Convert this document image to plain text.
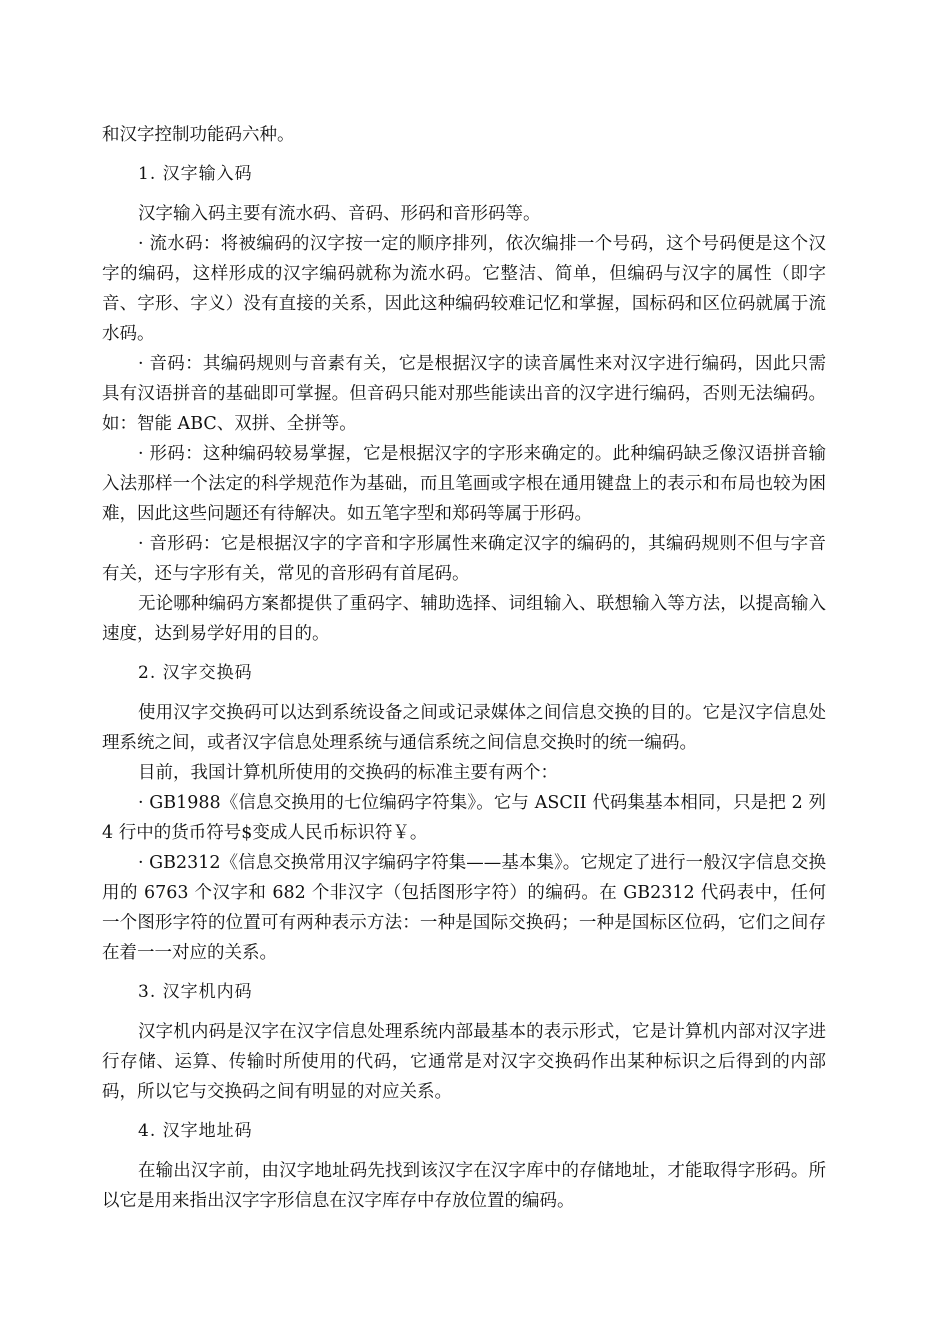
和汉字控制功能码六种。

1. 汉字输入码

汉字输入码主要有流水码、音码、形码和音形码等。

· 流水码：将被编码的汉字按一定的顺序排列，依次编排一个号码，这个号码便是这个汉字的编码，这样形成的汉字编码就称为流水码。它整洁、简单，但编码与汉字的属性（即字音、字形、字义）没有直接的关系，因此这种编码较难记忆和掌握，国标码和区位码就属于流水码。

· 音码：其编码规则与音素有关，它是根据汉字的读音属性来对汉字进行编码，因此只需具有汉语拼音的基础即可掌握。但音码只能对那些能读出音的汉字进行编码，否则无法编码。如：智能 ABC、双拼、全拼等。

· 形码：这种编码较易掌握，它是根据汉字的字形来确定的。此种编码缺乏像汉语拼音输入法那样一个法定的科学规范作为基础，而且笔画或字根在通用键盘上的表示和布局也较为困难，因此这些问题还有待解决。如五笔字型和郑码等属于形码。

· 音形码：它是根据汉字的字音和字形属性来确定汉字的编码的，其编码规则不但与字音有关，还与字形有关，常见的音形码有首尾码。

无论哪种编码方案都提供了重码字、辅助选择、词组输入、联想输入等方法，以提高输入速度，达到易学好用的目的。

2. 汉字交换码

使用汉字交换码可以达到系统设备之间或记录媒体之间信息交换的目的。它是汉字信息处理系统之间，或者汉字信息处理系统与通信系统之间信息交换时的统一编码。

目前，我国计算机所使用的交换码的标准主要有两个：

· GB1988《信息交换用的七位编码字符集》。它与 ASCII 代码集基本相同，只是把 2 列 4 行中的货币符号$变成人民币标识符￥。

· GB2312《信息交换常用汉字编码字符集——基本集》。它规定了进行一般汉字信息交换用的 6763 个汉字和 682 个非汉字（包括图形字符）的编码。在 GB2312 代码表中，任何一个图形字符的位置可有两种表示方法：一种是国际交换码；一种是国标区位码，它们之间存在着一一对应的关系。

3. 汉字机内码

汉字机内码是汉字在汉字信息处理系统内部最基本的表示形式，它是计算机内部对汉字进行存储、运算、传输时所使用的代码，它通常是对汉字交换码作出某种标识之后得到的内部码，所以它与交换码之间有明显的对应关系。

4. 汉字地址码

在输出汉字前，由汉字地址码先找到该汉字在汉字库中的存储地址，才能取得字形码。所以它是用来指出汉字字形信息在汉字库存中存放位置的编码。
